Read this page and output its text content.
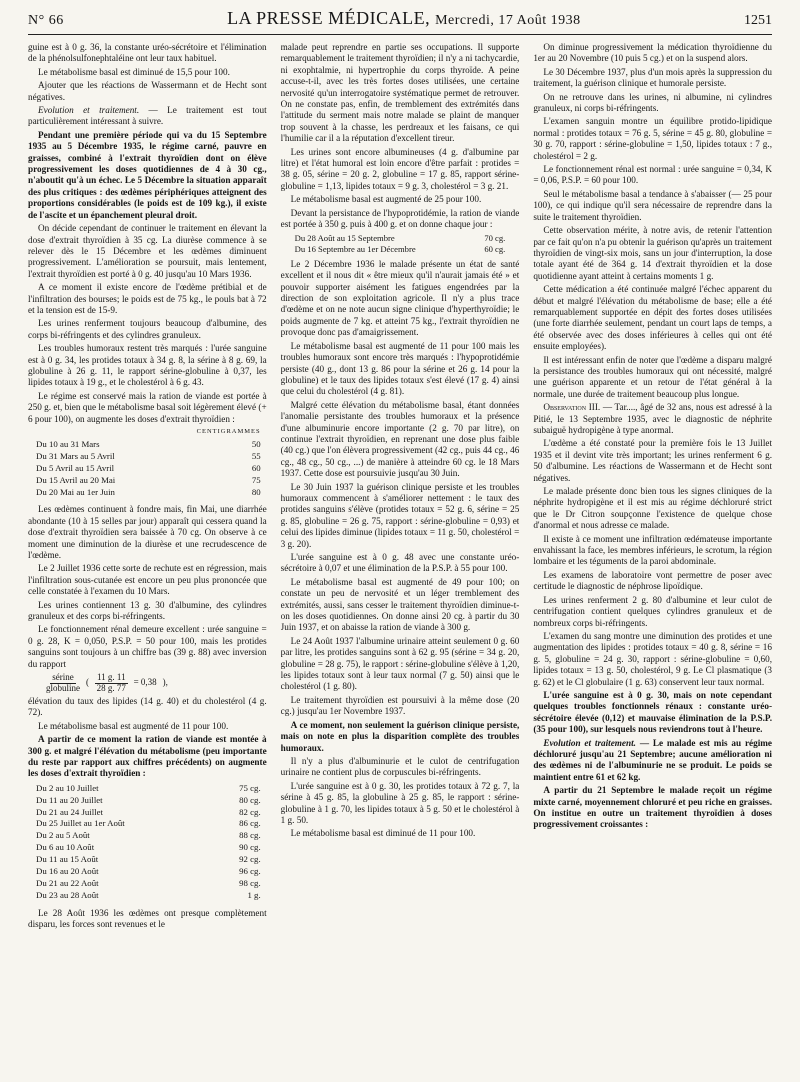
N° 66	LA PRESSE MÉDICALE, Mercredi, 17 Août 1938	1251

guine est à 0 g. 36, la constante uréo-sécrétoire et l'élimination de la phénolsulfonephtaléine ont leur taux habituel.

Le métabolisme basal est diminué de 15,5 pour 100.

Ajouter que les réactions de Wassermann et de Hecht sont négatives.

Evolution et traitement. — Le traitement est tout particulièrement intéressant à suivre.

Pendant une première période qui va du 15 Septembre 1935 au 5 Décembre 1935, le régime carné, pauvre en graisses, combiné à l'extrait thyroïdien dont on élève progressivement les doses quotidiennes de 4 à 30 cg., n'aboutit qu'à un échec. Le 5 Décembre la situation apparaît des plus critiques : des œdèmes périphériques atteignent des proportions considérables (le poids est de 109 kg.), il existe de l'ascite et un épanchement pleural droit.

On décide cependant de continuer le traitement en élevant la dose d'extrait thyroïdien à 35 cg. La diurèse commence à se relever dès le 15 Décembre et les œdèmes diminuent progressivement. L'amélioration se poursuit, mais lentement, l'extrait thyroïdien est porté à 0 g. 40 jusqu'au 10 Mars 1936.

A ce moment il existe encore de l'œdème prétibial et de l'infiltration des bourses; le poids est de 75 kg., le pouls bat à 72 et la tension est de 15-9.

Les urines renferment toujours beaucoup d'albumine, des corps bi-réfringents et des cylindres granuleux.

Les troubles humoraux restent très marqués : l'urée sanguine est à 0 g. 34, les protides totaux à 34 g. 8, la sérine à 8 g. 69, la globuline à 26 g. 11, le rapport sérine-globuline à 0,37, les lipides totaux à 19 g., et le cholestérol à 6 g. 43.

Le régime est conservé mais la ration de viande est portée à 250 g. et, bien que le métabolisme basal soit légèrement élevé (+ 6 pour 100), on augmente les doses d'extrait thyroïdien :

CENTIGRAMMES
Du 10 au 31 Mars	50
Du 31 Mars au 5 Avril	55
Du 5 Avril au 15 Avril	60
Du 15 Avril au 20 Mai	75
Du 20 Mai au 1er Juin	80

Les œdèmes continuent à fondre mais, fin Mai, une diarrhée abondante (10 à 15 selles par jour) apparaît qui cessera quand la dose d'extrait thyroïdien sera baissée à 70 cg. On observe à ce moment une diminution de la diurèse et une recrudescence de l'œdème.

Le 2 Juillet 1936 cette sorte de rechute est en régression, mais l'infiltration sous-cutanée est encore un peu plus prononcée que celle constatée à l'examen du 10 Mars.

Les urines contiennent 13 g. 30 d'albumine, des cylindres granuleux et des corps bi-réfringents.

Le fonctionnement rénal demeure excellent : urée sanguine = 0 g. 28, K = 0,050, P.S.P. = 50 pour 100, mais les protides sanguins sont toujours à un chiffre bas (39 g. 88) avec inversion du rapport

$\frac{\text{sérine}}{\text{globuline}}$ ( $\frac{11 g. 11}{28 g. 77} = 0,38$ ),

élévation du taux des lipides (14 g. 40) et du cholestérol (4 g. 72).

Le métabolisme basal est augmenté de 11 pour 100.

A partir de ce moment la ration de viande est montée à 300 g. et malgré l'élévation du métabolisme (peu importante du reste par rapport aux chiffres précédents) on augmente les doses d'extrait thyroïdien :

Du 2 au 10 Juillet	75 cg.
Du 11 au 20 Juillet	80 cg.
Du 21 au 24 Juillet	82 cg.
Du 25 Juillet au 1er Août	86 cg.
Du 2 au 5 Août	88 cg.
Du 6 au 10 Août	90 cg.
Du 11 au 15 Août	92 cg.
Du 16 au 20 Août	96 cg.
Du 21 au 22 Août	98 cg.
Du 23 au 28 Août	1 g.

Le 28 Août 1936 les œdèmes ont presque complètement disparu, les forces sont revenues et le

malade peut reprendre en partie ses occupations. Il supporte remarquablement le traitement thyroïdien; il n'y a ni tachycardie, ni exophtalmie, ni hypertrophie du corps thyroïde. A peine accuse-t-il, avec les très fortes doses utilisées, une certaine nervosité qu'un interrogatoire systématique permet de retrouver. On ne constate pas, enfin, de tremblement des extrémités dans l'attitude du serment mais notre malade se plaint de manquer trop souvent à la chasse, les perdreaux et les faisans, ce qui l'humilie car il a la réputation d'excellent tireur.

Les urines sont encore albumineuses (4 g. d'albumine par litre) et l'état humoral est loin encore d'être parfait : protides = 38 g. 05, sérine = 20 g. 2, globuline = 17 g. 85, rapport sérine-globuline = 1,13, lipides totaux = 9 g. 3, cholestérol = 3 g. 21.

Le métabolisme basal est augmenté de 25 pour 100.

Devant la persistance de l'hypoprotidémie, la ration de viande est portée à 350 g. puis à 400 g. et on donne chaque jour :

Du 28 Août au 15 Septembre	70 cg.
Du 16 Septembre au 1er Décembre	60 cg.

Le 2 Décembre 1936 le malade présente un état de santé excellent et il nous dit « être mieux qu'il n'aurait jamais été » et pouvoir supporter aisément les fatigues engendrées par la direction de son exploitation agricole. Il n'y a plus trace d'œdème et on ne note aucun signe clinique d'hyperthyroïdie; le poids augmente de 7 kg. et atteint 75 kg., l'extrait thyroïdien ne provoque donc pas d'amaigrissement.

Le métabolisme basal est augmenté de 11 pour 100 mais les troubles humoraux sont encore très marqués : l'hypoprotidémie persiste (40 g., dont 13 g. 86 pour la sérine et 26 g. 14 pour la globuline) et le taux des lipides totaux s'est élevé (17 g. 4) ainsi que celui du cholestérol (4 g. 81).

Malgré cette élévation du métabolisme basal, étant données l'anomalie persistante des troubles humoraux et la présence d'une albuminurie encore importante (2 g. 70 par litre), on continue l'extrait thyroïdien, en reprenant une dose plus faible (40 cg.) que l'on élèvera progressivement (42 cg., puis 44 cg., 46 cg., 48 cg., 50 cg., ...) de manière à atteindre 60 cg. le 18 Mars 1937. Cette dose est poursuivie jusqu'au 30 Juin.

Le 30 Juin 1937 la guérison clinique persiste et les troubles humoraux commencent à s'améliorer nettement : le taux des protides sanguins s'élève (protides totaux = 52 g. 6, sérine = 25 g. 85, globuline = 26 g. 75, rapport : sérine-globuline = 0,93) et celui des lipides diminue (lipides totaux = 11 g. 50, cholestérol = 3 g. 20).

L'urée sanguine est à 0 g. 48 avec une constante uréo-sécrétoire à 0,07 et une élimination de la P.S.P. à 55 pour 100.

Le métabolisme basal est augmenté de 49 pour 100; on constate un peu de nervosité et un léger tremblement des extrémités, aussi, sans cesser le traitement thyroïdien diminue-t-on les doses quotidiennes. On donne ainsi 20 cg. à partir du 30 Juin 1937, et on abaisse la ration de viande à 300 g.

Le 24 Août 1937 l'albumine urinaire atteint seulement 0 g. 60 par litre, les protides sanguins sont à 62 g. 95 (sérine = 34 g. 20, globuline = 28 g. 75), le rapport : sérine-globuline s'élève à 1,20, les lipides totaux sont à leur taux normal (7 g. 50) ainsi que le cholestérol (1 g. 80).

Le traitement thyroïdien est poursuivi à la même dose (20 cg.) jusqu'au 1er Novembre 1937.

A ce moment, non seulement la guérison clinique persiste, mais on note en plus la disparition complète des troubles humoraux.

Il n'y a plus d'albuminurie et le culot de centrifugation urinaire ne contient plus de corpuscules bi-réfringents.

L'urée sanguine est à 0 g. 30, les protides totaux à 72 g. 7, la sérine à 45 g. 85, la globuline à 25 g. 85, le rapport : sérine-globuline à 1 g. 70, les lipides totaux à 5 g. 50 et le cholestérol à 1 g. 50.

Le métabolisme basal est diminué de 11 pour 100.

On diminue progressivement la médication thyroïdienne du 1er au 20 Novembre (10 puis 5 cg.) et on la suspend alors.

Le 30 Décembre 1937, plus d'un mois après la suppression du traitement, la guérison clinique et humorale persiste.

On ne retrouve dans les urines, ni albumine, ni cylindres granuleux, ni corps bi-réfringents.

L'examen sanguin montre un équilibre protido-lipidique normal : protides totaux = 76 g. 5, sérine = 45 g. 80, globuline = 30 g. 70, rapport : sérine-globuline = 1,50, lipides totaux : 7 g., cholestérol = 2 g.

Le fonctionnement rénal est normal : urée sanguine = 0,34, K = 0,06, P.S.P. = 60 pour 100.

Seul le métabolisme basal a tendance à s'abaisser (— 25 pour 100), ce qui indique qu'il sera nécessaire de reprendre dans la suite le traitement thyroïdien.

Cette observation mérite, à notre avis, de retenir l'attention par ce fait qu'on n'a pu obtenir la guérison qu'après un traitement thyroïdien de vingt-six mois, sans un jour d'interruption, la dose totale ayant été de 364 g. 14 d'extrait thyroïdien et la dose quotidienne ayant atteint à certains moments 1 g.

Cette médication a été continuée malgré l'échec apparent du début et malgré l'élévation du métabolisme de base; elle a été remarquablement supportée en dépit des fortes doses utilisées (une forte diarrhée seulement, pendant un court laps de temps, a été observée avec des doses inférieures à celles qui ont été ensuite employées).

Il est intéressant enfin de noter que l'œdème a disparu malgré la persistance des troubles humoraux qui ont nécessité, malgré une guérison apparente et un retour de l'état général à la normale, une durée de traitement beaucoup plus longue.

Observation III. — Tar...., âgé de 32 ans, nous est adressé à la Pitié, le 13 Septembre 1935, avec le diagnostic de néphrite subaiguë hydropigène à type anormal.

L'œdème a été constaté pour la première fois le 13 Juillet 1935 et il devint vite très important; les urines renferment 6 g. 50 d'albumine. Les réactions de Wassermann et de Hecht sont négatives.

Le malade présente donc bien tous les signes cliniques de la néphrite hydropigène et il est mis au régime déchloruré strict que le Dr Citron soupçonne l'existence de quelque chose d'anormal et nous adresse ce malade.

Il existe à ce moment une infiltration œdémateuse importante envahissant la face, les membres inférieurs, le scrotum, la région lombaire et les téguments de la paroi abdominale.

Les examens de laboratoire vont permettre de poser avec certitude le diagnostic de néphrose lipoïdique.

Les urines renferment 2 g. 80 d'albumine et leur culot de centrifugation contient quelques cylindres granuleux et de nombreux corps bi-réfringents.

L'examen du sang montre une diminution des protides et une augmentation des lipides : protides totaux = 40 g. 8, sérine = 16 g. 5, globuline = 24 g. 30, rapport : sérine-globuline = 0,60, lipides totaux = 13 g. 50, cholestérol, 9 g. Le Cl plasmatique (3 g. 62) et le Cl globulaire (1 g. 63) conservent leur taux normal.

L'urée sanguine est à 0 g. 30, mais on note cependant quelques troubles fonctionnels rénaux : constante uréo-sécrétoire élevée (0,12) et mauvaise élimination de la P.S.P. (35 pour 100), sur lesquels nous reviendrons tout à l'heure.

Evolution et traitement. — Le malade est mis au régime déchloruré jusqu'au 21 Septembre; aucune amélioration ni des œdèmes ni de l'albuminurie ne se produit. Le poids se maintient entre 61 et 62 kg.

A partir du 21 Septembre le malade reçoit un régime mixte carné, moyennement chloruré et peu riche en graisses. On institue en outre un traitement thyroïdien à doses progressivement croissantes :
